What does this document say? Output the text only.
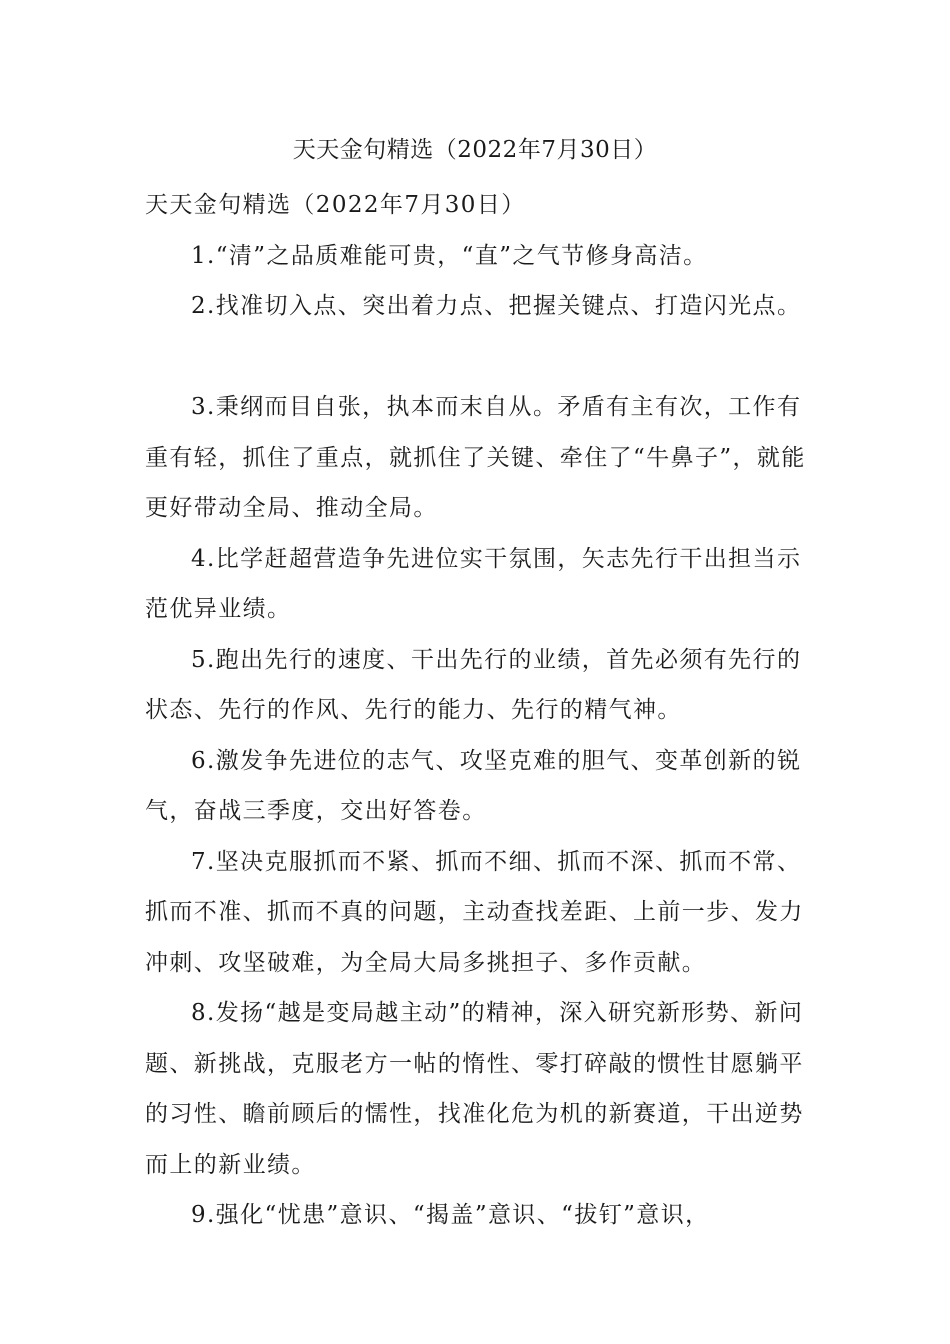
天天金句精选（2022年7月30日）

天天金句精选（2022年7月30日）

1.“清”之品质难能可贵，“直”之气节修身高洁。

2.找准切入点、突出着力点、把握关键点、打造闪光点。

3.秉纲而目自张，执本而末自从。矛盾有主有次，工作有重有轻，抓住了重点，就抓住了关键、牵住了“牛鼻子”，就能更好带动全局、推动全局。

4.比学赶超营造争先进位实干氛围，矢志先行干出担当示范优异业绩。

5.跑出先行的速度、干出先行的业绩，首先必须有先行的状态、先行的作风、先行的能力、先行的精气神。

6.激发争先进位的志气、攻坚克难的胆气、变革创新的锐气，奋战三季度，交出好答卷。

7.坚决克服抓而不紧、抓而不细、抓而不深、抓而不常、抓而不准、抓而不真的问题，主动查找差距、上前一步、发力冲刺、攻坚破难，为全局大局多挑担子、多作贡献。

8.发扬“越是变局越主动”的精神，深入研究新形势、新问题、新挑战，克服老方一帖的惰性、零打碎敲的惯性甘愿躺平的习性、瞻前顾后的懦性，找准化危为机的新赛道，干出逆势而上的新业绩。

9.强化“忧患”意识、“揭盖”意识、“拔钉”意识，
